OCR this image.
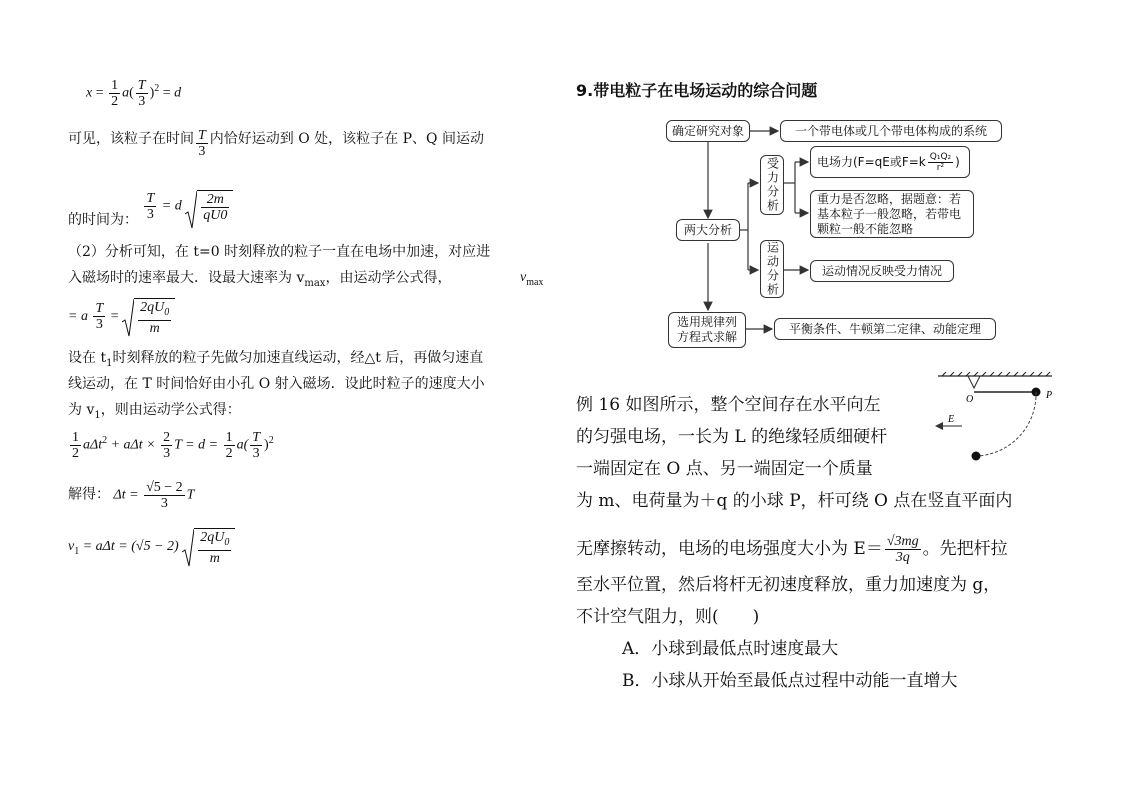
$x = \frac{1}{2} a( \frac{T}{3} )^2 = d$
可见，该粒子在时间 $\frac{T}{3}$ 内恰好运动到 O 处，该粒子在 P、Q 间运动
的时间为： $\frac{T}{3} = d \frac{2m}{qU0}$
（2）分析可知，在 t=0 时刻释放的粒子一直在电场中加速，对应进
入磁场时的速率最大．设最大速率为 $v_{max}$，由运动学公式得，	$v_{max}$
= a $\frac{T}{3} = \frac{2qU_0}{m}$
设在 $t_1$时刻释放的粒子先做匀加速直线运动，经△t 后，再做匀速直
线运动，在 T 时间恰好由小孔 O 射入磁场．设此时粒子的速度大小
为 $v_1$，则由运动学公式得：
$\frac{1}{2} a\Delta t^2 + a\Delta t \times \frac{2}{3}$ $T = d = \frac{1}{2} a( \frac{T}{3} )^2$
解得： $\Delta t = \frac{√5 - 2}{3}$ T
$v_1 = a\Delta t = (√5 - 2) \frac{2qU_0}{m}$
9.带电粒子在电场运动的综合问题
确定研究对象	一个带电体或几个带电体构成的系统
两大分析
受力分析	电场力(F=qE或$F=k \frac{\text{Q₁Q₂}}{\text{r²}}$ )
重力是否忽略，据题意：若基本粒子一般忽略，若带电颗粒一般不能忽略
运动分析	运动情况反映受力情况
选用规律列方程式求解
平衡条件、牛顿第二定律、动能定理
O	P
E
例 16 如图所示，整个空间存在水平向左
的匀强电场，一长为 L 的绝缘轻质细硬杆
一端固定在 O 点、另一端固定一个质量
为 m、电荷量为＋q 的小球 P，杆可绕 O 点在竖直平面内
无摩擦转动，电场的电场强度大小为 $E= \frac{√3mg}{3q}$ 。先把杆拉
至水平位置，然后将杆无初速度释放，重力加速度为 g，
不计空气阻力，则(　　)
A．小球到最低点时速度最大
B．小球从开始至最低点过程中动能一直增大
